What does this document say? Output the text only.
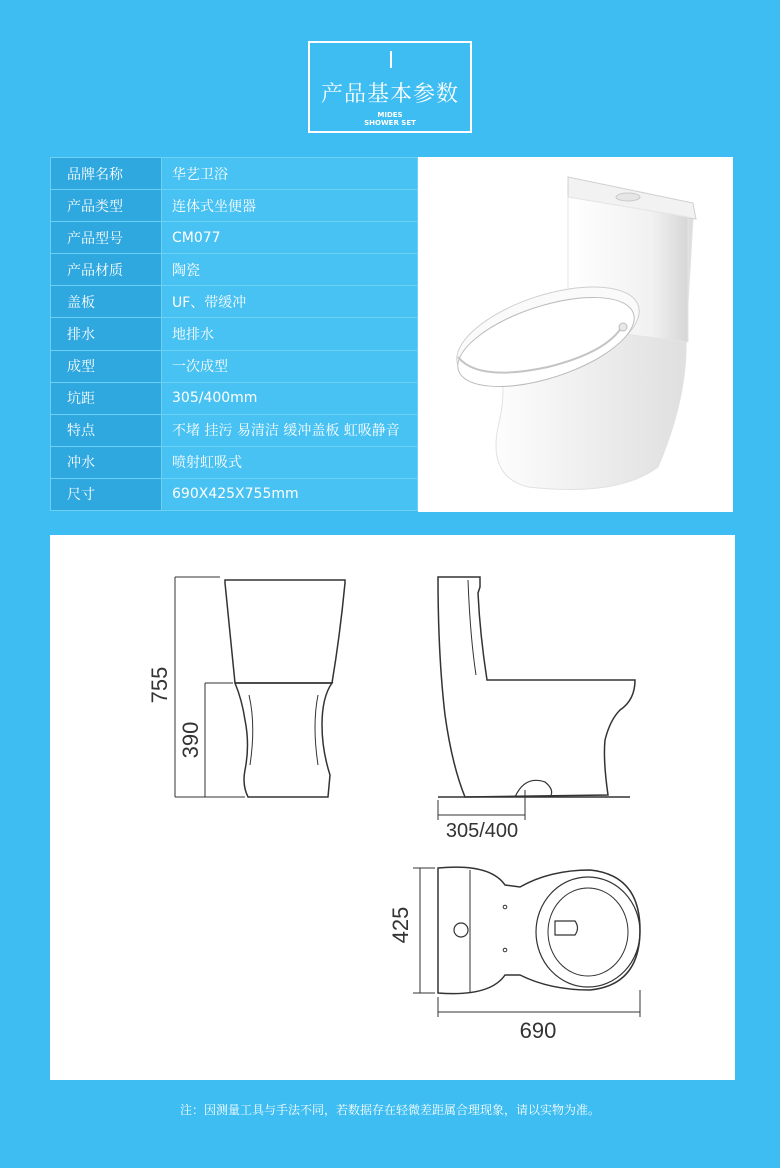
产品基本参数
MIDES
SHOWER SET
品牌名称	华艺卫浴
产品类型	连体式坐便器
产品型号	CM077
产品材质	陶瓷
盖板	UF、带缓冲
排水	地排水
成型	一次成型
坑距	305/400mm
特点	不堵 挂污 易清洁 缓冲盖板 虹吸静音
冲水	喷射虹吸式
尺寸	690X425X755mm
755
390
305/400
425
690
注：因测量工具与手法不同，若数据存在轻微差距属合理现象，请以实物为准。
